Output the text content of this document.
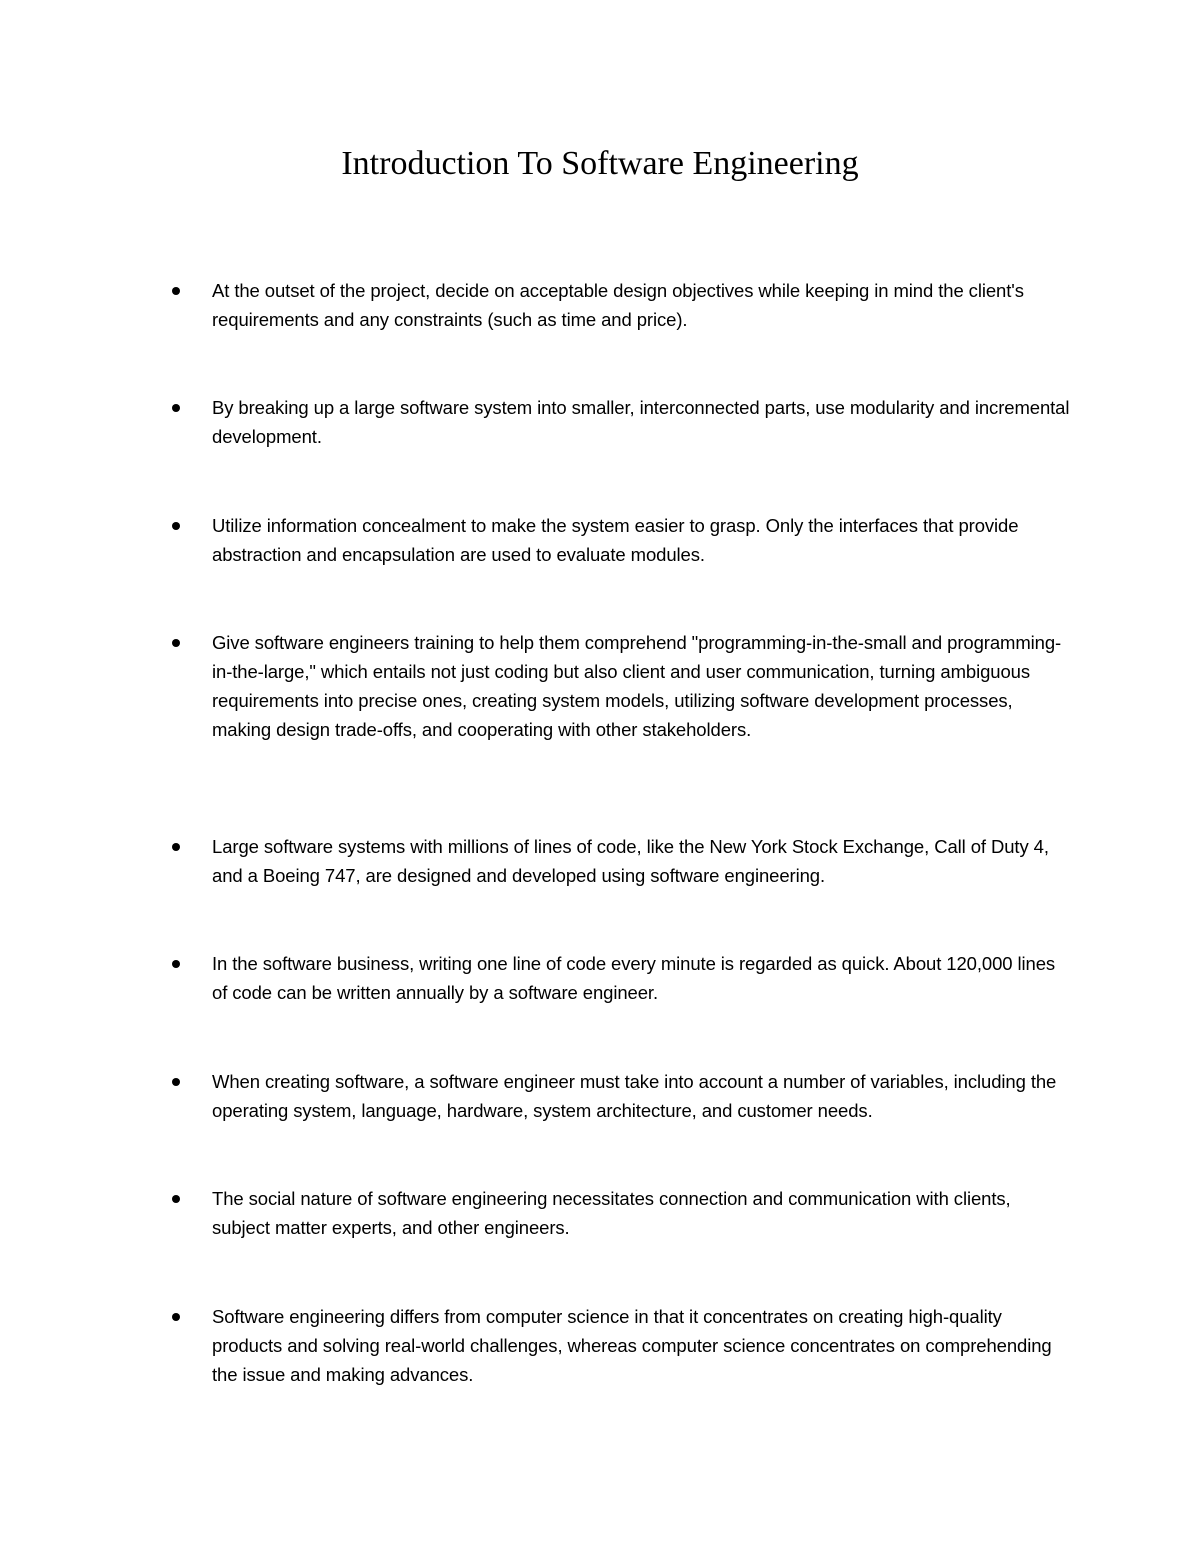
Introduction To Software Engineering

At the outset of the project, decide on acceptable design objectives while keeping in mind the client's requirements and any constraints (such as time and price).

By breaking up a large software system into smaller, interconnected parts, use modularity and incremental development.

Utilize information concealment to make the system easier to grasp. Only the interfaces that provide abstraction and encapsulation are used to evaluate modules.

Give software engineers training to help them comprehend "programming-in-the-small and programming-in-the-large," which entails not just coding but also client and user communication, turning ambiguous requirements into precise ones, creating system models, utilizing software development processes, making design trade-offs, and cooperating with other stakeholders.

Large software systems with millions of lines of code, like the New York Stock Exchange, Call of Duty 4, and a Boeing 747, are designed and developed using software engineering.

In the software business, writing one line of code every minute is regarded as quick. About 120,000 lines of code can be written annually by a software engineer.

When creating software, a software engineer must take into account a number of variables, including the operating system, language, hardware, system architecture, and customer needs.

The social nature of software engineering necessitates connection and communication with clients, subject matter experts, and other engineers.

Software engineering differs from computer science in that it concentrates on creating high-quality products and solving real-world challenges, whereas computer science concentrates on comprehending the issue and making advances.
